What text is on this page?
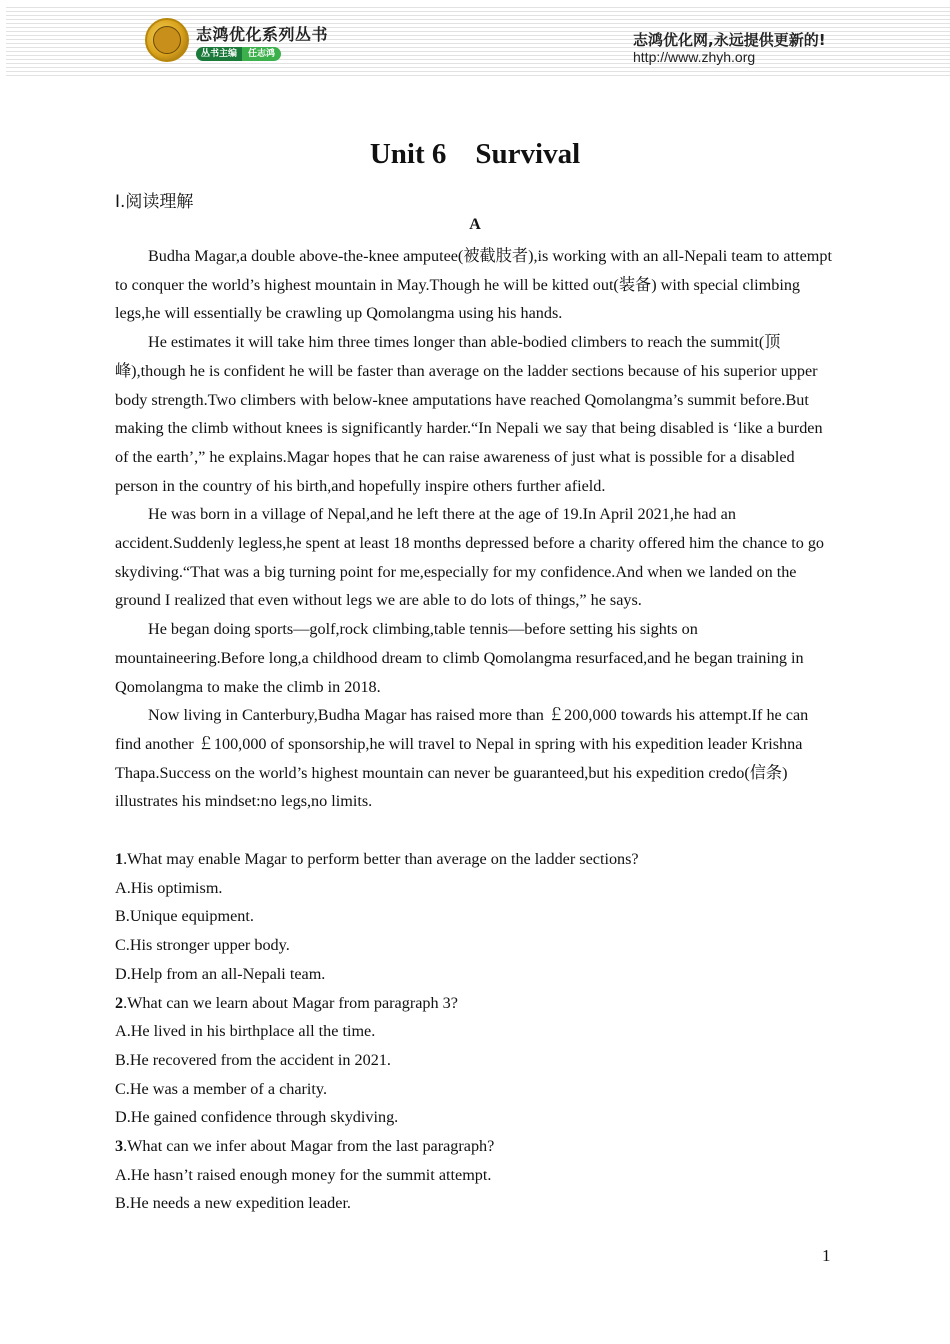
志鸿优化系列丛书
丛书主编	任志鸿
志鸿优化网,永远提供更新的!
http://www.zhyh.org
Unit 6    Survival
Ⅰ.阅读理解
A

Budha Magar,a double above-the-knee amputee(被截肢者),is working with an all-Nepali team to attempt to conquer the world’s highest mountain in May.Though he will be kitted out(装备) with special climbing legs,he will essentially be crawling up Qomolangma using his hands.

He estimates it will take him three times longer than able-bodied climbers to reach the summit(顶峰),though he is confident he will be faster than average on the ladder sections because of his superior upper body strength.Two climbers with below-knee amputations have reached Qomolangma’s summit before.But making the climb without knees is significantly harder.“In Nepali we say that being disabled is ‘like a burden of the earth’,” he explains.Magar hopes that he can raise awareness of just what is possible for a disabled person in the country of his birth,and hopefully inspire others further afield.

He was born in a village of Nepal,and he left there at the age of 19.In April 2021,he had an accident.Suddenly legless,he spent at least 18 months depressed before a charity offered him the chance to go skydiving.“That was a big turning point for me,especially for my confidence.And when we landed on the ground I realized that even without legs we are able to do lots of things,” he says.

He began doing sports—golf,rock climbing,table tennis—before setting his sights on mountaineering.Before long,a childhood dream to climb Qomolangma resurfaced,and he began training in Qomolangma to make the climb in 2018.

Now living in Canterbury,Budha Magar has raised more than ￡200,000 towards his attempt.If he can find another ￡100,000 of sponsorship,he will travel to Nepal in spring with his expedition leader Krishna Thapa.Success on the world’s highest mountain can never be guaranteed,but his expedition credo(信条) illustrates his mindset:no legs,no limits.

1.What may enable Magar to perform better than average on the ladder sections?
A.His optimism.
B.Unique equipment.
C.His stronger upper body.
D.Help from an all-Nepali team.
2.What can we learn about Magar from paragraph 3?
A.He lived in his birthplace all the time.
B.He recovered from the accident in 2021.
C.He was a member of a charity.
D.He gained confidence through skydiving.
3.What can we infer about Magar from the last paragraph?
A.He hasn’t raised enough money for the summit attempt.
B.He needs a new expedition leader.
1
